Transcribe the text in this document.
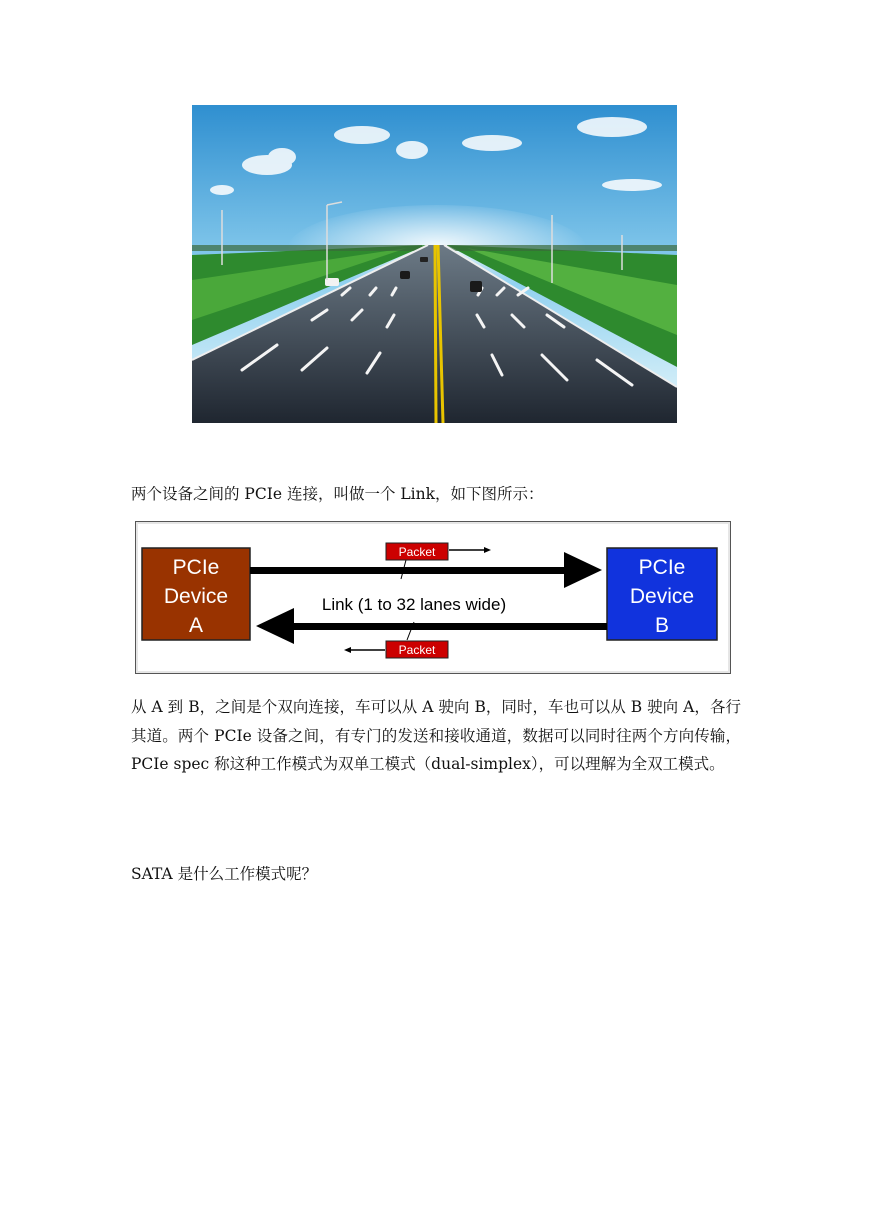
两个设备之间的 PCIe 连接，叫做一个 Link，如下图所示：

PCIe
Device
A
PCIe
Device
B
Link (1 to 32 lanes wide)
Packet
Packet

从 A 到 B，之间是个双向连接，车可以从 A 驶向 B，同时，车也可以从 B 驶向 A，各行其道。两个 PCIe 设备之间，有专门的发送和接收通道，数据可以同时往两个方向传输，PCIe spec 称这种工作模式为双单工模式（dual-simplex），可以理解为全双工模式。

SATA 是什么工作模式呢？
